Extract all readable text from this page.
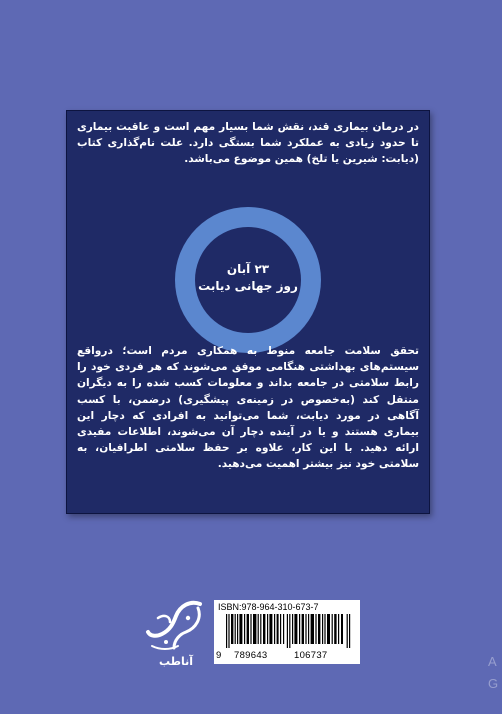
در درمان بیماری قند، نقش شما بسیار مهم است و عاقبت بیماری تا حدود زیادی به عملکرد شما بستگی دارد. علت نام‌گذاری کتاب (دیابت: شیرین یا تلخ) همین موضوع می‌باشد.

۲۳ آبان
روز جهانی دیابت

تحقق سلامت جامعه منوط به همکاری مردم است؛ درواقع سیستم‌های بهداشتی هنگامی موفق می‌شوند که هر فردی خود را رابط سلامتی در جامعه بداند و معلومات کسب شده را به دیگران منتقل کند (به‌خصوص در زمینه‌ی پیشگیری) درضمن، با کسب آگاهی در مورد دیابت، شما می‌توانید به افرادی که دچار این بیماری هستند و یا در آینده دچار آن می‌شوند، اطلاعات مفیدی ارائه دهید. با این کار، علاوه بر حفظ سلامتی اطرافیان، به سلامتی خود نیز بیشتر اهمیت می‌دهید.

آناطب
ISBN:978-964-310-673-7
9 789643	106737	A
G
